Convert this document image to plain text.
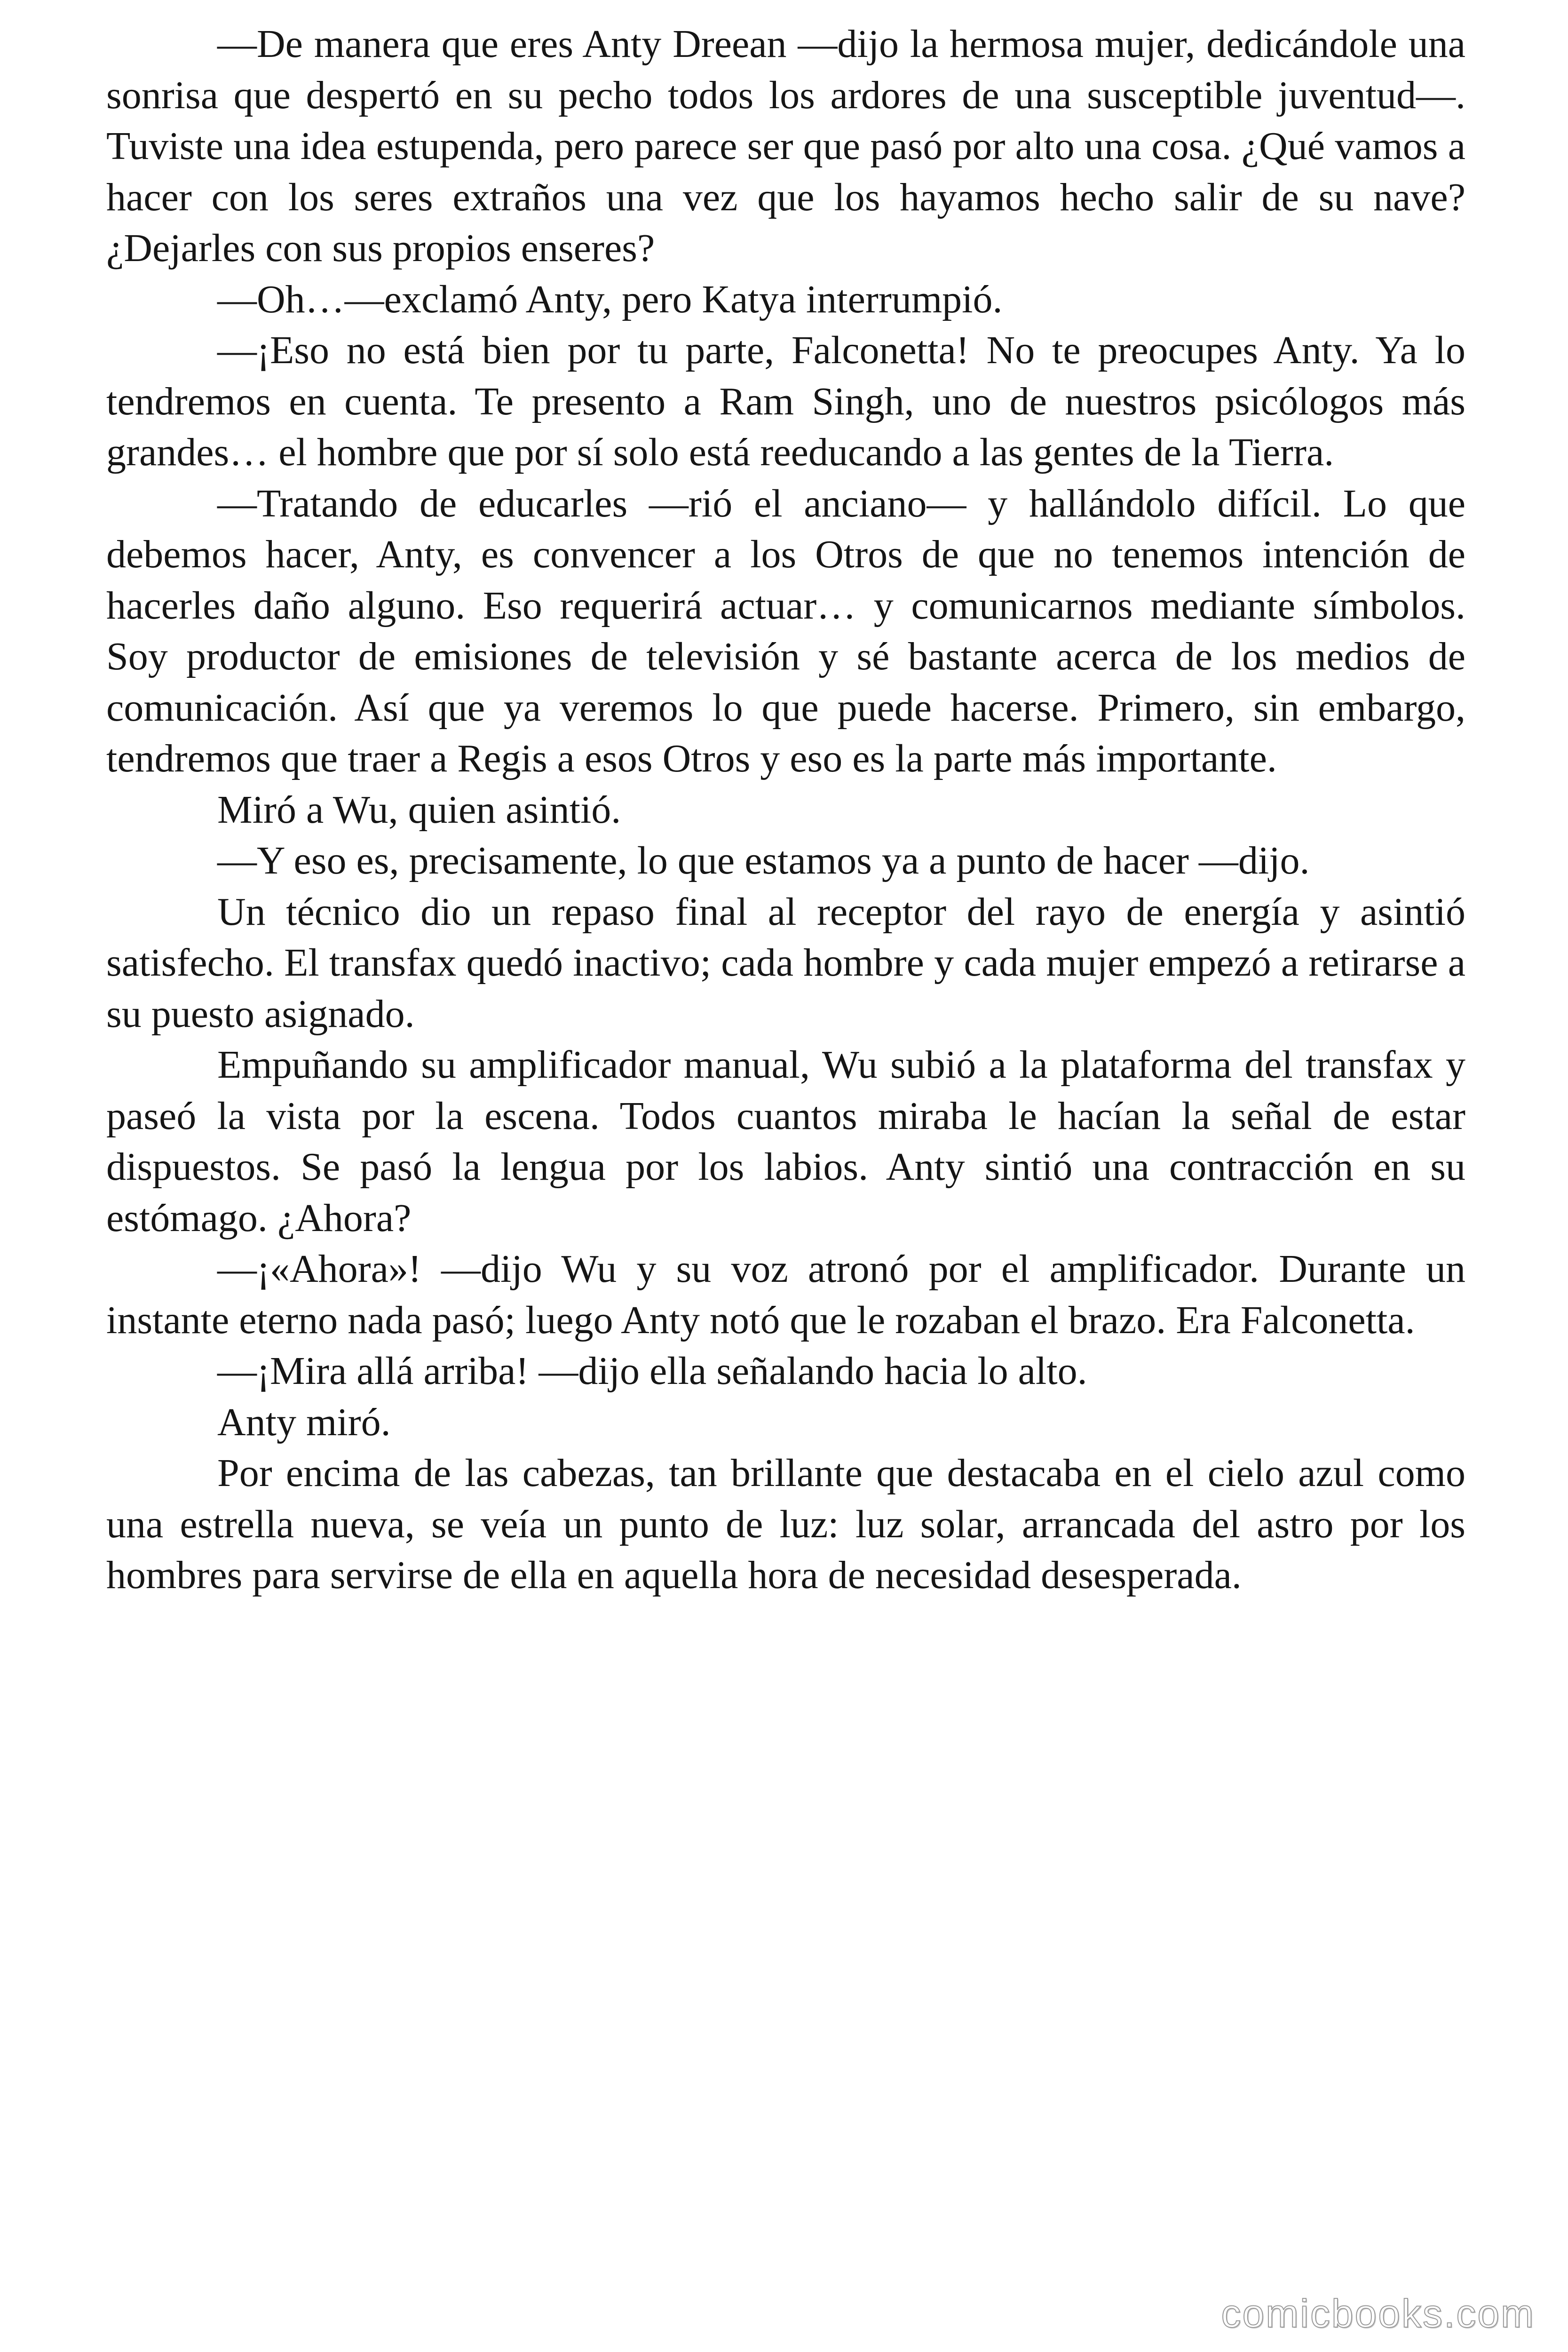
—De manera que eres Anty Dreean —dijo la hermosa mujer, dedicándole una sonrisa que despertó en su pecho todos los ardores de una susceptible juventud—. Tuviste una idea estupenda, pero parece ser que pasó por alto una cosa. ¿Qué vamos a hacer con los seres extraños una vez que los hayamos hecho salir de su nave? ¿Dejarles con sus propios enseres?

—Oh…—exclamó Anty, pero Katya interrumpió.

—¡Eso no está bien por tu parte, Falconetta! No te preocupes Anty. Ya lo tendremos en cuenta. Te presento a Ram Singh, uno de nuestros psicólogos más grandes… el hombre que por sí solo está reeducando a las gentes de la Tierra.

—Tratando de educarles —rió el anciano— y hallándolo difícil. Lo que debemos hacer, Anty, es convencer a los Otros de que no tenemos intención de hacerles daño alguno. Eso requerirá actuar… y comunicarnos mediante símbolos. Soy productor de emisiones de televisión y sé bastante acerca de los medios de comunicación. Así que ya veremos lo que puede hacerse. Primero, sin embargo, tendremos que traer a Regis a esos Otros y eso es la parte más importante.

Miró a Wu, quien asintió.

—Y eso es, precisamente, lo que estamos ya a punto de hacer —dijo.

Un técnico dio un repaso final al receptor del rayo de energía y asintió satisfecho. El transfax quedó inactivo; cada hombre y cada mujer empezó a retirarse a su puesto asignado.

Empuñando su amplificador manual, Wu subió a la plataforma del transfax y paseó la vista por la escena. Todos cuantos miraba le hacían la señal de estar dispuestos. Se pasó la lengua por los labios. Anty sintió una contracción en su estómago. ¿Ahora?

—¡«Ahora»! —dijo Wu y su voz atronó por el amplificador. Durante un instante eterno nada pasó; luego Anty notó que le rozaban el brazo. Era Falconetta.

—¡Mira allá arriba! —dijo ella señalando hacia lo alto.

Anty miró.

Por encima de las cabezas, tan brillante que destacaba en el cielo azul como una estrella nueva, se veía un punto de luz: luz solar, arrancada del astro por los hombres para servirse de ella en aquella hora de necesidad desesperada.

comicbooks.com
